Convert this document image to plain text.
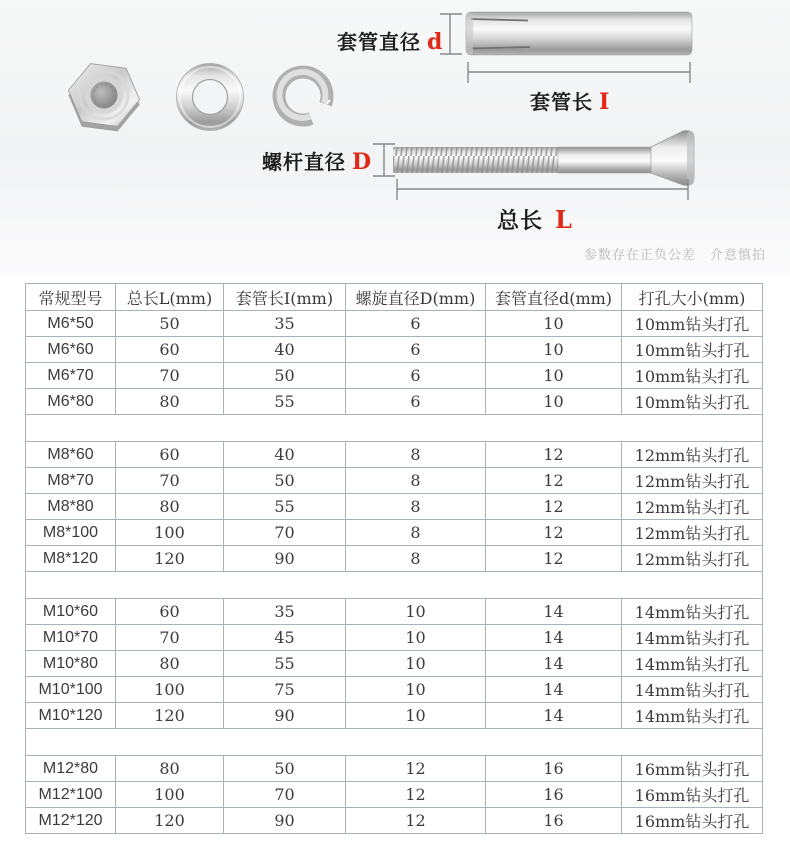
套管直径 d
套管长 I
螺杆直径 D
总长 L
参数存在正负公差　介意慎拍
常规型号	总长L(mm)	套管长I(mm)	螺旋直径D(mm)	套管直径d(mm)	打孔大小(mm)
M6*50	50	35	6	10	10mm钻头打孔
M6*60	60	40	6	10	10mm钻头打孔
M6*70	70	50	6	10	10mm钻头打孔
M6*80	80	55	6	10	10mm钻头打孔

M8*60	60	40	8	12	12mm钻头打孔
M8*70	70	50	8	12	12mm钻头打孔
M8*80	80	55	8	12	12mm钻头打孔
M8*100	100	70	8	12	12mm钻头打孔
M8*120	120	90	8	12	12mm钻头打孔

M10*60	60	35	10	14	14mm钻头打孔
M10*70	70	45	10	14	14mm钻头打孔
M10*80	80	55	10	14	14mm钻头打孔
M10*100	100	75	10	14	14mm钻头打孔
M10*120	120	90	10	14	14mm钻头打孔

M12*80	80	50	12	16	16mm钻头打孔
M12*100	100	70	12	16	16mm钻头打孔
M12*120	120	90	12	16	16mm钻头打孔
